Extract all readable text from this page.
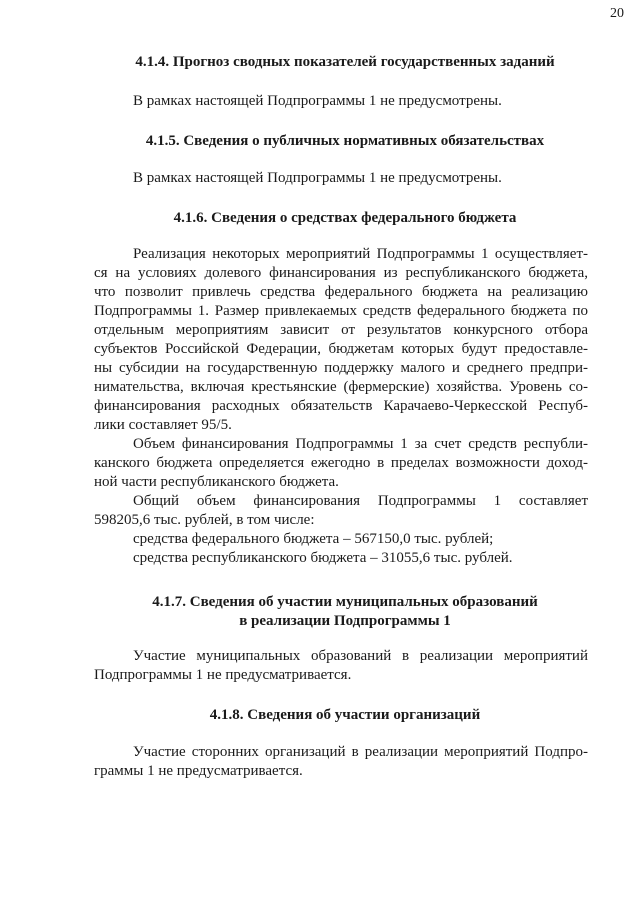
20
4.1.4. Прогноз сводных показателей государственных заданий
В рамках настоящей Подпрограммы 1 не предусмотрены.
4.1.5. Сведения о публичных нормативных обязательствах
В рамках настоящей Подпрограммы 1 не предусмотрены.
4.1.6. Сведения о средствах федерального бюджета
Реализация некоторых мероприятий Подпрограммы 1 осуществляет-
ся на условиях долевого финансирования из республиканского бюджета,
что позволит привлечь средства федерального бюджета на реализацию
Подпрограммы 1. Размер привлекаемых средств федерального бюджета по
отдельным мероприятиям зависит от результатов конкурсного отбора
субъектов Российской Федерации, бюджетам которых будут предоставле-
ны субсидии на государственную поддержку малого и среднего предпри-
нимательства, включая крестьянские (фермерские) хозяйства. Уровень со-
финансирования расходных обязательств Карачаево-Черкесской Респуб-
лики составляет 95/5.
Объем финансирования Подпрограммы 1 за счет средств республи-
канского бюджета определяется ежегодно в пределах возможности доход-
ной части республиканского бюджета.
Общий объем финансирования Подпрограммы 1 составляет
598205,6 тыс. рублей, в том числе:
средства федерального бюджета – 567150,0 тыс. рублей;
средства республиканского бюджета – 31055,6 тыс. рублей.
4.1.7. Сведения об участии муниципальных образований
в реализации Подпрограммы 1
Участие муниципальных образований в реализации мероприятий
Подпрограммы 1 не предусматривается.
4.1.8. Сведения об участии организаций
Участие сторонних организаций в реализации мероприятий Подпро-
граммы 1 не предусматривается.
